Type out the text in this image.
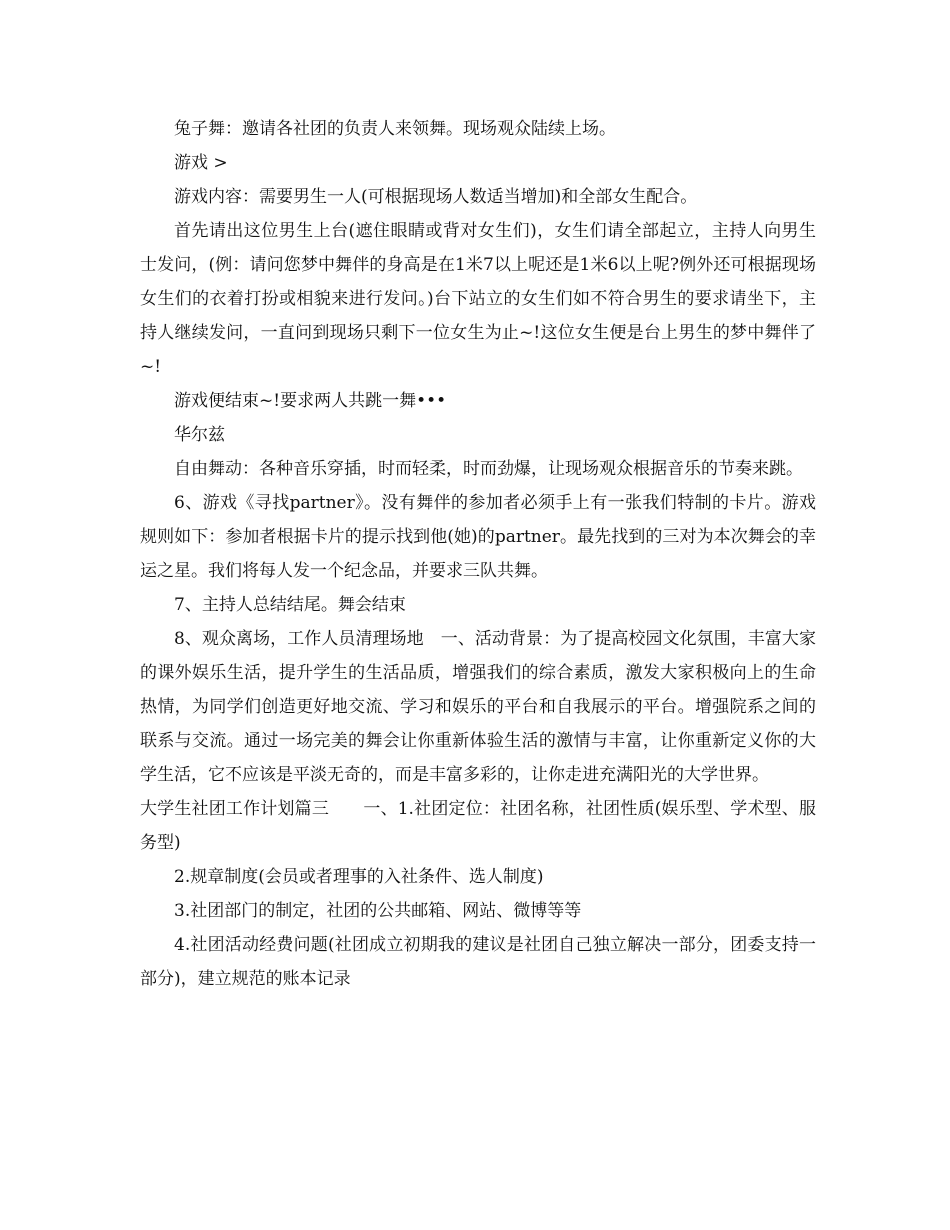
兔子舞：邀请各社团的负责人来领舞。现场观众陆续上场。

游戏 >

游戏内容：需要男生一人(可根据现场人数适当增加)和全部女生配合。

首先请出这位男生上台(遮住眼睛或背对女生们)，女生们请全部起立，主持人向男生士发问，(例：请问您梦中舞伴的身高是在1米7以上呢还是1米6以上呢?例外还可根据现场女生们的衣着打扮或相貌来进行发问。)台下站立的女生们如不符合男生的要求请坐下，主持人继续发问，一直问到现场只剩下一位女生为止~!这位女生便是台上男生的梦中舞伴了~!

游戏便结束~!要求两人共跳一舞•••

华尔兹

自由舞动：各种音乐穿插，时而轻柔，时而劲爆，让现场观众根据音乐的节奏来跳。

6、游戏《寻找partner》。没有舞伴的参加者必须手上有一张我们特制的卡片。游戏规则如下：参加者根据卡片的提示找到他(她)的partner。最先找到的三对为本次舞会的幸运之星。我们将每人发一个纪念品，并要求三队共舞。

7、主持人总结结尾。舞会结束

8、观众离场，工作人员清理场地　一、活动背景：为了提高校园文化氛围，丰富大家的课外娱乐生活，提升学生的生活品质，增强我们的综合素质，激发大家积极向上的生命热情，为同学们创造更好地交流、学习和娱乐的平台和自我展示的平台。增强院系之间的联系与交流。通过一场完美的舞会让你重新体验生活的激情与丰富，让你重新定义你的大学生活，它不应该是平淡无奇的，而是丰富多彩的，让你走进充满阳光的大学世界。

大学生社团工作计划篇三　　一、1.社团定位：社团名称，社团性质(娱乐型、学术型、服务型)

2.规章制度(会员或者理事的入社条件、选人制度)

3.社团部门的制定，社团的公共邮箱、网站、微博等等

4.社团活动经费问题(社团成立初期我的建议是社团自己独立解决一部分，团委支持一部分)，建立规范的账本记录
